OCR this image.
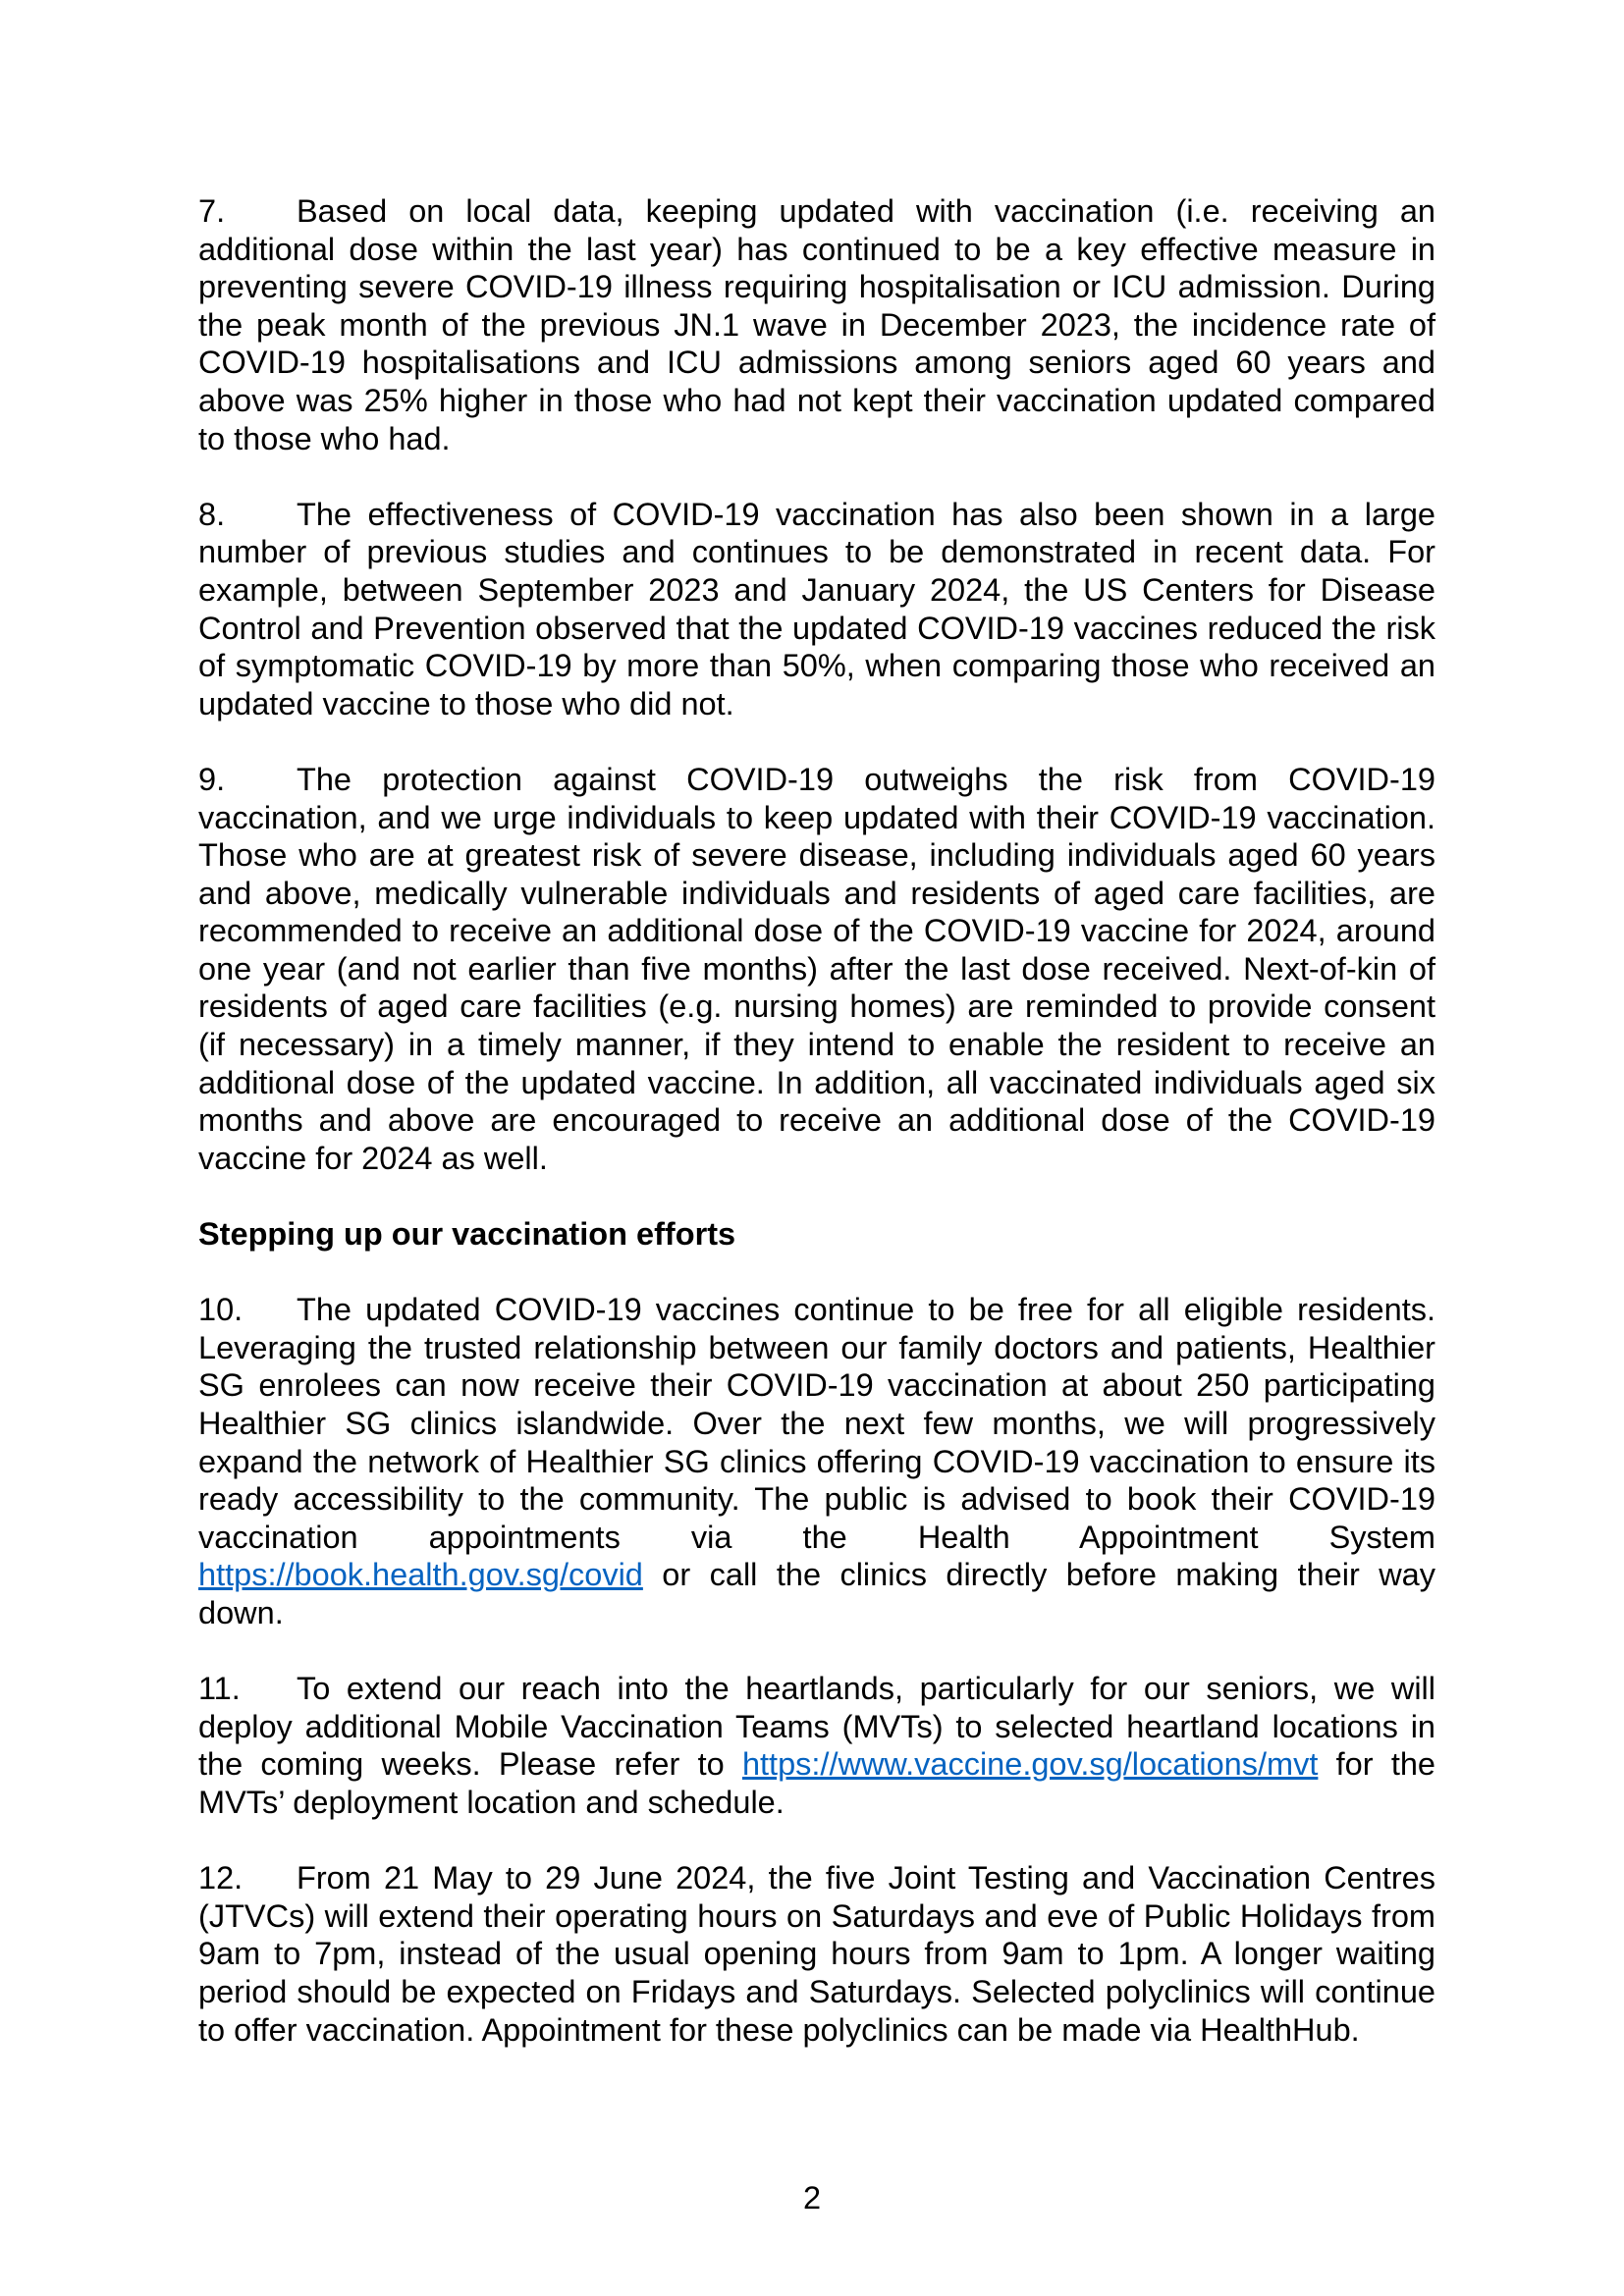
7. Based on local data, keeping updated with vaccination (i.e. receiving an additional dose within the last year) has continued to be a key effective measure in preventing severe COVID-19 illness requiring hospitalisation or ICU admission. During the peak month of the previous JN.1 wave in December 2023, the incidence rate of COVID-19 hospitalisations and ICU admissions among seniors aged 60 years and above was 25% higher in those who had not kept their vaccination updated compared to those who had.

8. The effectiveness of COVID-19 vaccination has also been shown in a large number of previous studies and continues to be demonstrated in recent data. For example, between September 2023 and January 2024, the US Centers for Disease Control and Prevention observed that the updated COVID-19 vaccines reduced the risk of symptomatic COVID-19 by more than 50%, when comparing those who received an updated vaccine to those who did not.

9. The protection against COVID-19 outweighs the risk from COVID-19 vaccination, and we urge individuals to keep updated with their COVID-19 vaccination. Those who are at greatest risk of severe disease, including individuals aged 60 years and above, medically vulnerable individuals and residents of aged care facilities, are recommended to receive an additional dose of the COVID-19 vaccine for 2024, around one year (and not earlier than five months) after the last dose received. Next-of-kin of residents of aged care facilities (e.g. nursing homes) are reminded to provide consent (if necessary) in a timely manner, if they intend to enable the resident to receive an additional dose of the updated vaccine. In addition, all vaccinated individuals aged six months and above are encouraged to receive an additional dose of the COVID-19 vaccine for 2024 as well.

Stepping up our vaccination efforts

10. The updated COVID-19 vaccines continue to be free for all eligible residents. Leveraging the trusted relationship between our family doctors and patients, Healthier SG enrolees can now receive their COVID-19 vaccination at about 250 participating Healthier SG clinics islandwide. Over the next few months, we will progressively expand the network of Healthier SG clinics offering COVID-19 vaccination to ensure its ready accessibility to the community. The public is advised to book their COVID-19 vaccination appointments via the Health Appointment System https://book.health.gov.sg/covid or call the clinics directly before making their way down.

11. To extend our reach into the heartlands, particularly for our seniors, we will deploy additional Mobile Vaccination Teams (MVTs) to selected heartland locations in the coming weeks. Please refer to https://www.vaccine.gov.sg/locations/mvt for the MVTs’ deployment location and schedule.

12. From 21 May to 29 June 2024, the five Joint Testing and Vaccination Centres (JTVCs) will extend their operating hours on Saturdays and eve of Public Holidays from 9am to 7pm, instead of the usual opening hours from 9am to 1pm. A longer waiting period should be expected on Fridays and Saturdays. Selected polyclinics will continue to offer vaccination. Appointment for these polyclinics can be made via HealthHub.

2
